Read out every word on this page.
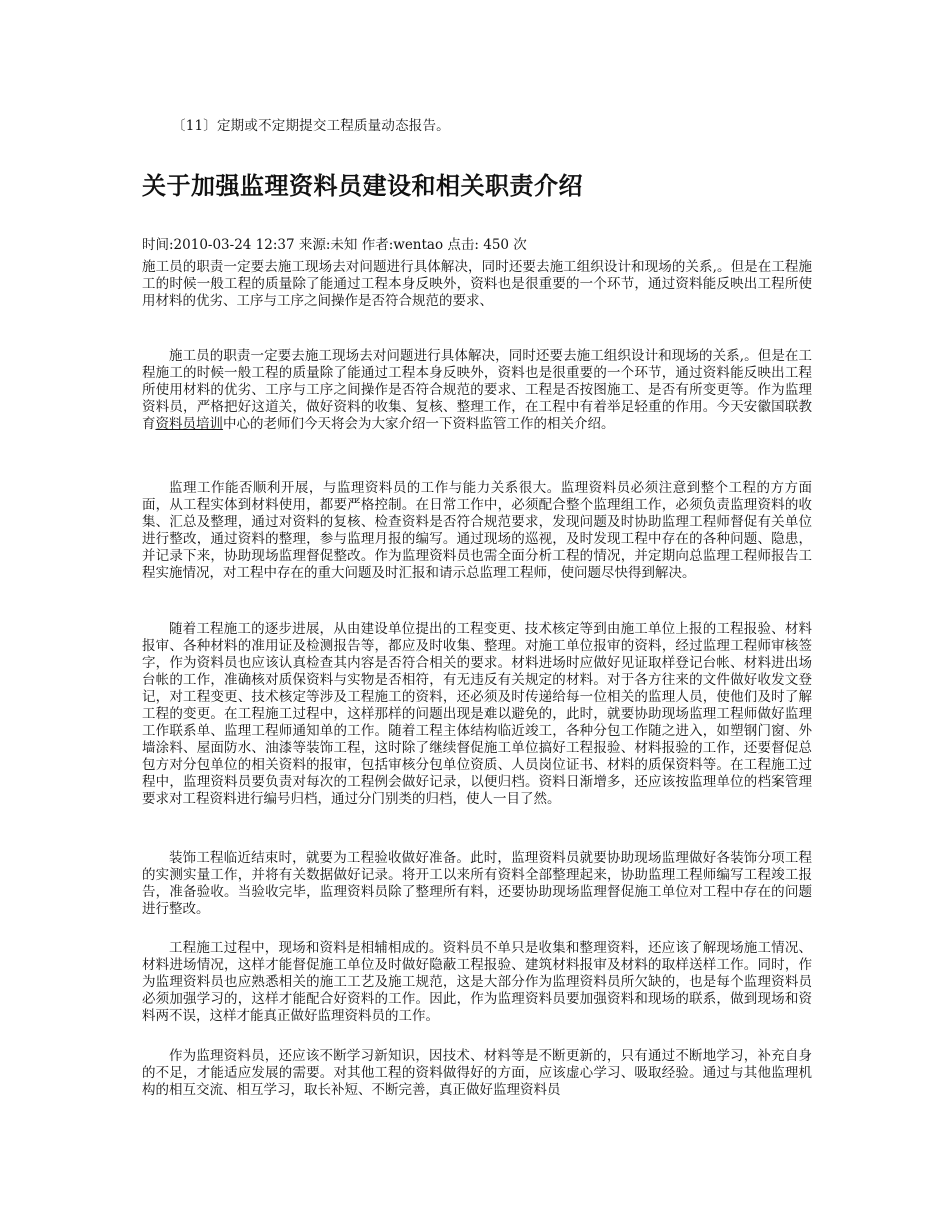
〔11〕定期或不定期提交工程质量动态报告。
关于加强监理资料员建设和相关职责介绍
时间:2010-03-24 12:37 来源:未知 作者:wentao 点击: 450 次
施工员的职责一定要去施工现场去对问题进行具体解决，同时还要去施工组织设计和现场的关系,。但是在工程施工的时候一般工程的质量除了能通过工程本身反映外，资料也是很重要的一个环节，通过资料能反映出工程所使用材料的优劣、工序与工序之间操作是否符合规范的要求、
施工员的职责一定要去施工现场去对问题进行具体解决，同时还要去施工组织设计和现场的关系,。但是在工程施工的时候一般工程的质量除了能通过工程本身反映外，资料也是很重要的一个环节，通过资料能反映出工程所使用材料的优劣、工序与工序之间操作是否符合规范的要求、工程是否按图施工、是否有所变更等。作为监理资料员，严格把好这道关，做好资料的收集、复核、整理工作，在工程中有着举足轻重的作用。今天安徽国联教育资料员培训中心的老师们今天将会为大家介绍一下资料监管工作的相关介绍。
监理工作能否顺利开展，与监理资料员的工作与能力关系很大。监理资料员必须注意到整个工程的方方面面，从工程实体到材料使用，都要严格控制。在日常工作中，必须配合整个监理组工作，必须负责监理资料的收集、汇总及整理，通过对资料的复核、检查资料是否符合规范要求，发现问题及时协助监理工程师督促有关单位进行整改，通过资料的整理，参与监理月报的编写。通过现场的巡视，及时发现工程中存在的各种问题、隐患，并记录下来，协助现场监理督促整改。作为监理资料员也需全面分析工程的情况，并定期向总监理工程师报告工程实施情况，对工程中存在的重大问题及时汇报和请示总监理工程师，使问题尽快得到解决。
随着工程施工的逐步进展，从由建设单位提出的工程变更、技术核定等到由施工单位上报的工程报验、材料报审、各种材料的准用证及检测报告等，都应及时收集、整理。对施工单位报审的资料，经过监理工程师审核签字，作为资料员也应该认真检查其内容是否符合相关的要求。材料进场时应做好见证取样登记台帐、材料进出场台帐的工作，准确核对质保资料与实物是否相符，有无违反有关规定的材料。对于各方往来的文件做好收发文登记，对工程变更、技术核定等涉及工程施工的资料，还必须及时传递给每一位相关的监理人员，使他们及时了解工程的变更。在工程施工过程中，这样那样的问题出现是难以避免的，此时，就要协助现场监理工程师做好监理工作联系单、监理工程师通知单的工作。随着工程主体结构临近竣工，各种分包工作随之进入，如塑钢门窗、外墙涂料、屋面防水、油漆等装饰工程，这时除了继续督促施工单位搞好工程报验、材料报验的工作，还要督促总包方对分包单位的相关资料的报审，包括审核分包单位资质、人员岗位证书、材料的质保资料等。在工程施工过程中，监理资料员要负责对每次的工程例会做好记录，以便归档。资料日渐增多，还应该按监理单位的档案管理要求对工程资料进行编号归档，通过分门别类的归档，使人一目了然。
装饰工程临近结束时，就要为工程验收做好准备。此时，监理资料员就要协助现场监理做好各装饰分项工程的实测实量工作，并将有关数据做好记录。将开工以来所有资料全部整理起来，协助监理工程师编写工程竣工报告，准备验收。当验收完毕，监理资料员除了整理所有料，还要协助现场监理督促施工单位对工程中存在的问题进行整改。
工程施工过程中，现场和资料是相辅相成的。资料员不单只是收集和整理资料，还应该了解现场施工情况、材料进场情况，这样才能督促施工单位及时做好隐蔽工程报验、建筑材料报审及材料的取样送样工作。同时，作为监理资料员也应熟悉相关的施工工艺及施工规范，这是大部分作为监理资料员所欠缺的，也是每个监理资料员必须加强学习的，这样才能配合好资料的工作。因此，作为监理资料员要加强资料和现场的联系，做到现场和资料两不误，这样才能真正做好监理资料员的工作。
作为监理资料员，还应该不断学习新知识，因技术、材料等是不断更新的，只有通过不断地学习，补充自身的不足，才能适应发展的需要。对其他工程的资料做得好的方面，应该虚心学习、吸取经验。通过与其他监理机构的相互交流、相互学习，取长补短、不断完善，真正做好监理资料员
